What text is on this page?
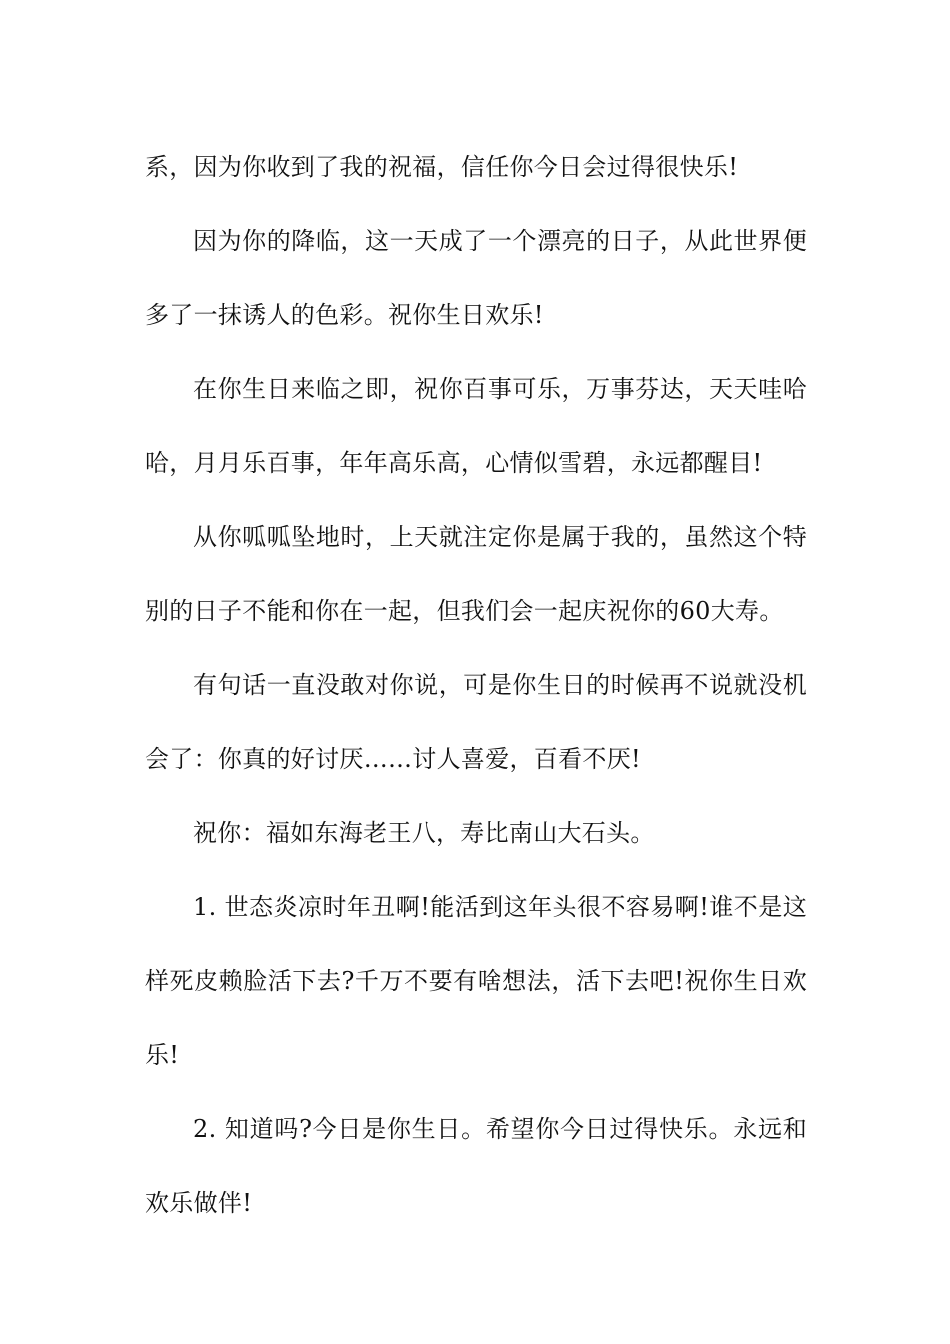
系，因为你收到了我的祝福，信任你今日会过得很快乐!

因为你的降临，这一天成了一个漂亮的日子，从此世界便多了一抹诱人的色彩。祝你生日欢乐!

在你生日来临之即，祝你百事可乐，万事芬达，天天哇哈哈，月月乐百事，年年高乐高，心情似雪碧，永远都醒目!

从你呱呱坠地时，上天就注定你是属于我的，虽然这个特别的日子不能和你在一起，但我们会一起庆祝你的60大寿。

有句话一直没敢对你说，可是你生日的时候再不说就没机会了：你真的好讨厌……讨人喜爱，百看不厌!

祝你：福如东海老王八，寿比南山大石头。

1. 世态炎凉时年丑啊!能活到这年头很不容易啊!谁不是这样死皮赖脸活下去?千万不要有啥想法，活下去吧!祝你生日欢乐!

2. 知道吗?今日是你生日。希望你今日过得快乐。永远和欢乐做伴!
